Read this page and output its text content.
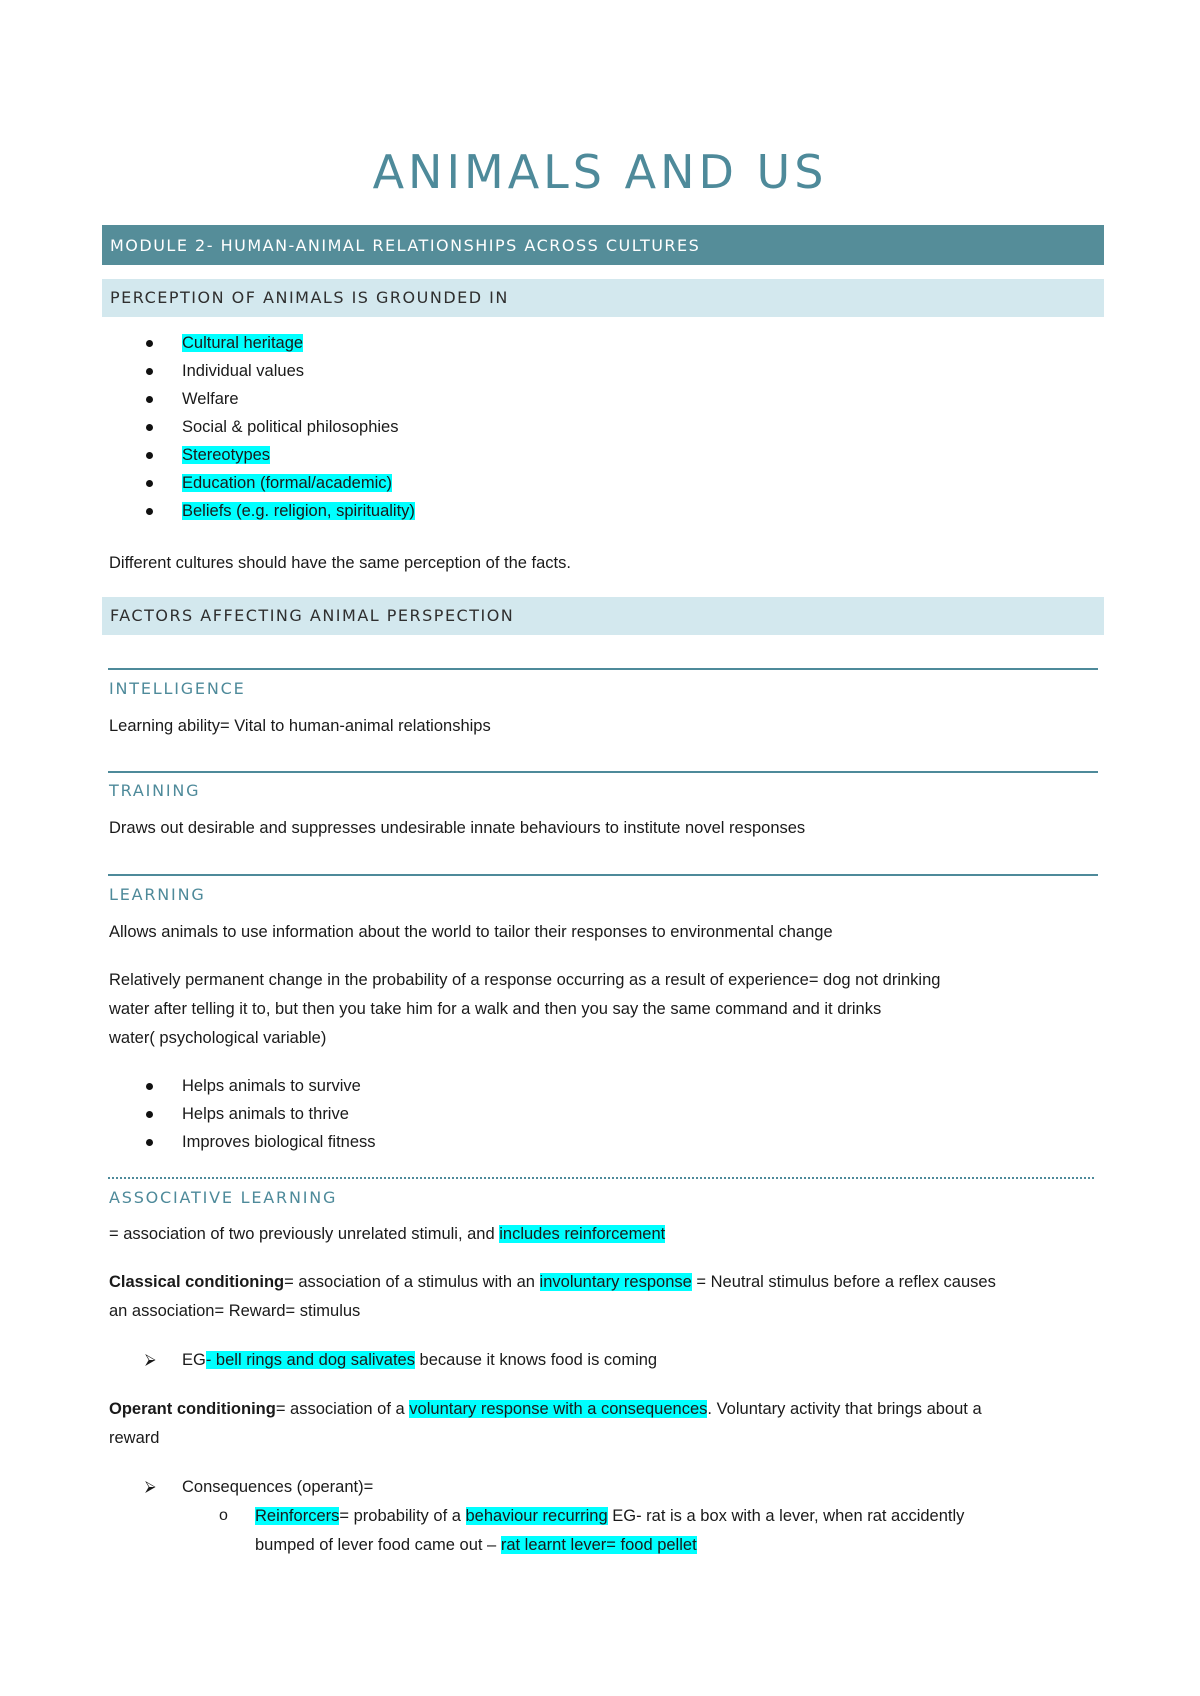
ANIMALS AND US
MODULE 2- HUMAN-ANIMAL RELATIONSHIPS ACROSS CULTURES
PERCEPTION OF ANIMALS IS GROUNDED IN
Cultural heritage
Individual values
Welfare
Social & political philosophies
Stereotypes
Education (formal/academic)
Beliefs (e.g. religion, spirituality)

Different cultures should have the same perception of the facts.

FACTORS AFFECTING ANIMAL PERSPECTION
INTELLIGENCE

Learning ability= Vital to human-animal relationships

TRAINING

Draws out desirable and suppresses undesirable innate behaviours to institute novel responses

LEARNING

Allows animals to use information about the world to tailor their responses to environmental change

Relatively permanent change in the probability of a response occurring as a result of experience= dog not drinking
water after telling it to, but then you take him for a walk and then you say the same command and it drinks
water( psychological variable)

Helps animals to survive
Helps animals to thrive
Improves biological fitness
ASSOCIATIVE LEARNING

= association of two previously unrelated stimuli, and includes reinforcement

Classical conditioning= association of a stimulus with an involuntary response = Neutral stimulus before a reflex causes
an association= Reward= stimulus

⮚ EG- bell rings and dog salivates because it knows food is coming

Operant conditioning= association of a voluntary response with a consequences. Voluntary activity that brings about a
reward

⮚ Consequences (operant)=
o Reinforcers= probability of a behaviour recurring EG- rat is a box with a lever, when rat accidently
bumped of lever food came out – rat learnt lever= food pellet
